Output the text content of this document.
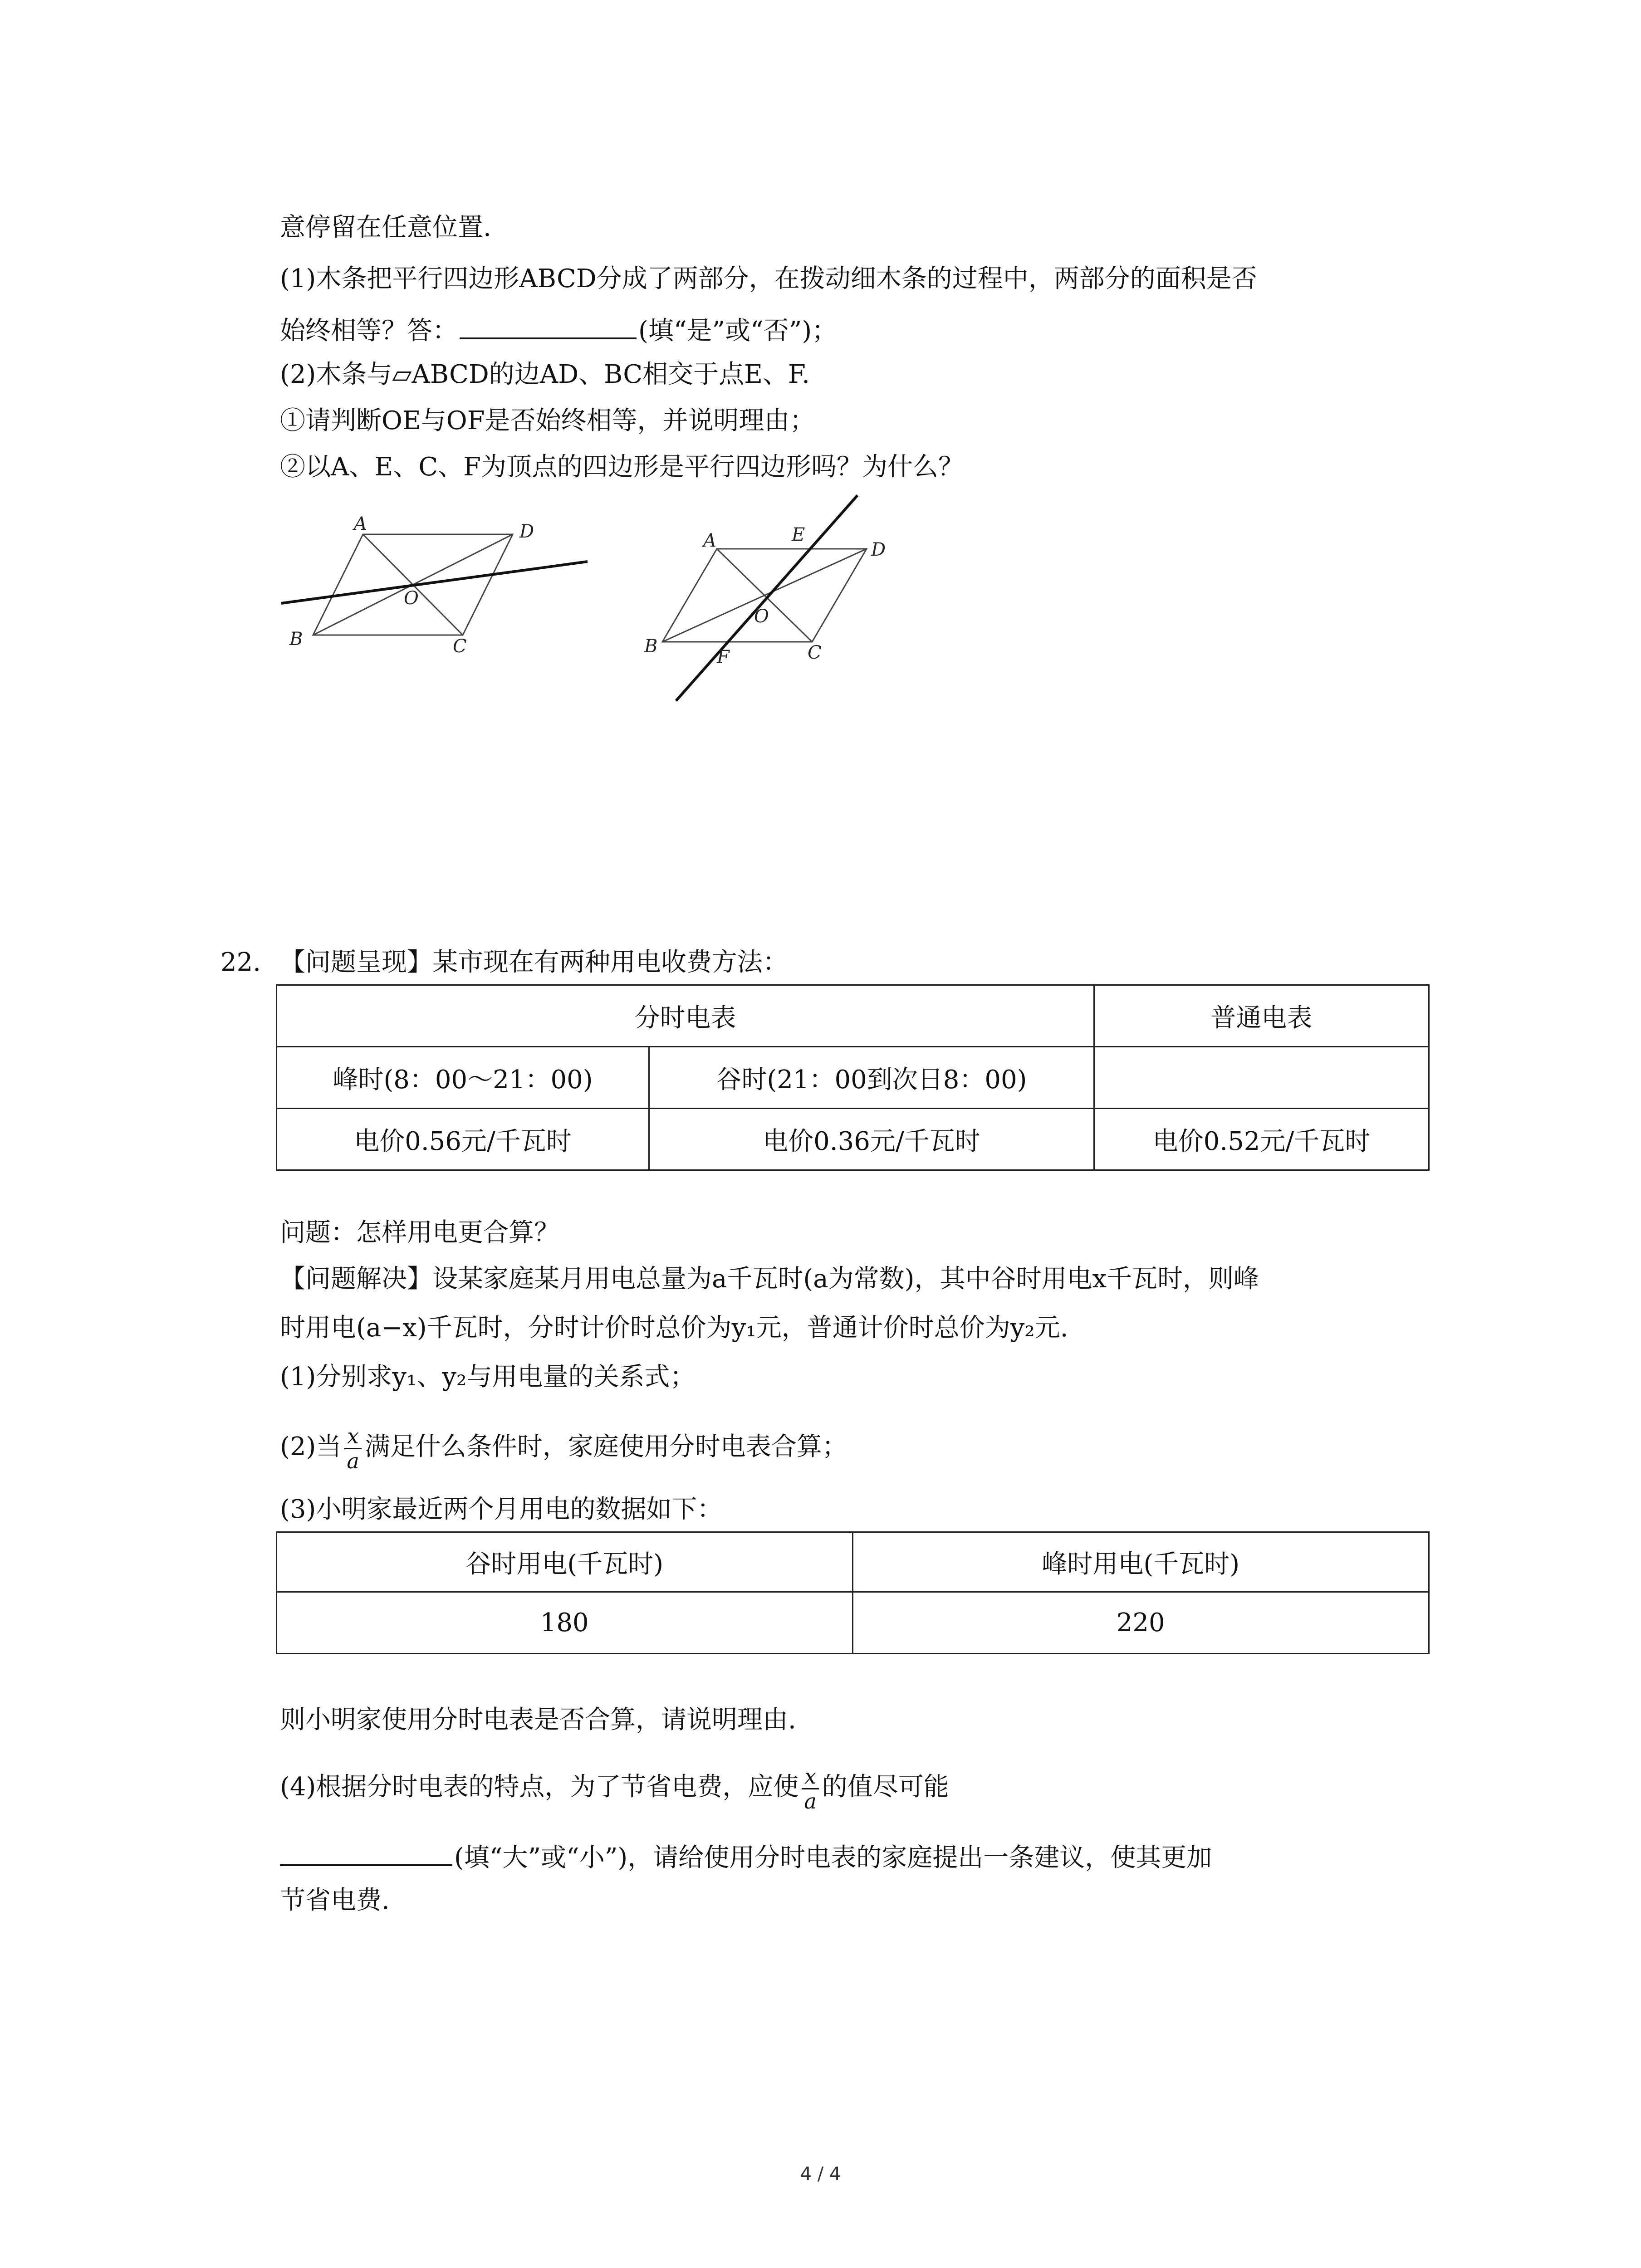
意停留在任意位置.
(1)木条把平行四边形ABCD分成了两部分，在拨动细木条的过程中，两部分的面积是否
始终相等？答：	(填“是”或“否”)；
(2)木条与▱ABCD的边AD、BC相交于点E、F.
①请判断OE与OF是否始终相等，并说明理由；
②以A、E、C、F为顶点的四边形是平行四边形吗？为什么？
A	D
O
B	C
A	E
D
O
B
F	C
22. 【问题呈现】某市现在有两种用电收费方法：
分时电表		普通电表
峰时(8：00～21：00)	谷时(21：00到次日8：00)	
电价0.56元/千瓦时	电价0.36元/千瓦时	电价0.52元/千瓦时
问题：怎样用电更合算？
【问题解决】设某家庭某月用电总量为a千瓦时(a为常数)，其中谷时用电x千瓦时，则峰
时用电(a−x)千瓦时，分时计价时总价为y₁元，普通计价时总价为y₂元.
(1)分别求y₁、y₂与用电量的关系式；
(2)当 $\frac{x}{a}$ 满足什么条件时，家庭使用分时电表合算；
(3)小明家最近两个月用电的数据如下：
谷时用电(千瓦时)	峰时用电(千瓦时)
180	220
则小明家使用分时电表是否合算，请说明理由.
(4)根据分时电表的特点，为了节省电费，应使 $\frac{x}{a}$ 的值尽可能
(填“大”或“小”)，请给使用分时电表的家庭提出一条建议，使其更加
节省电费.
4 / 4
